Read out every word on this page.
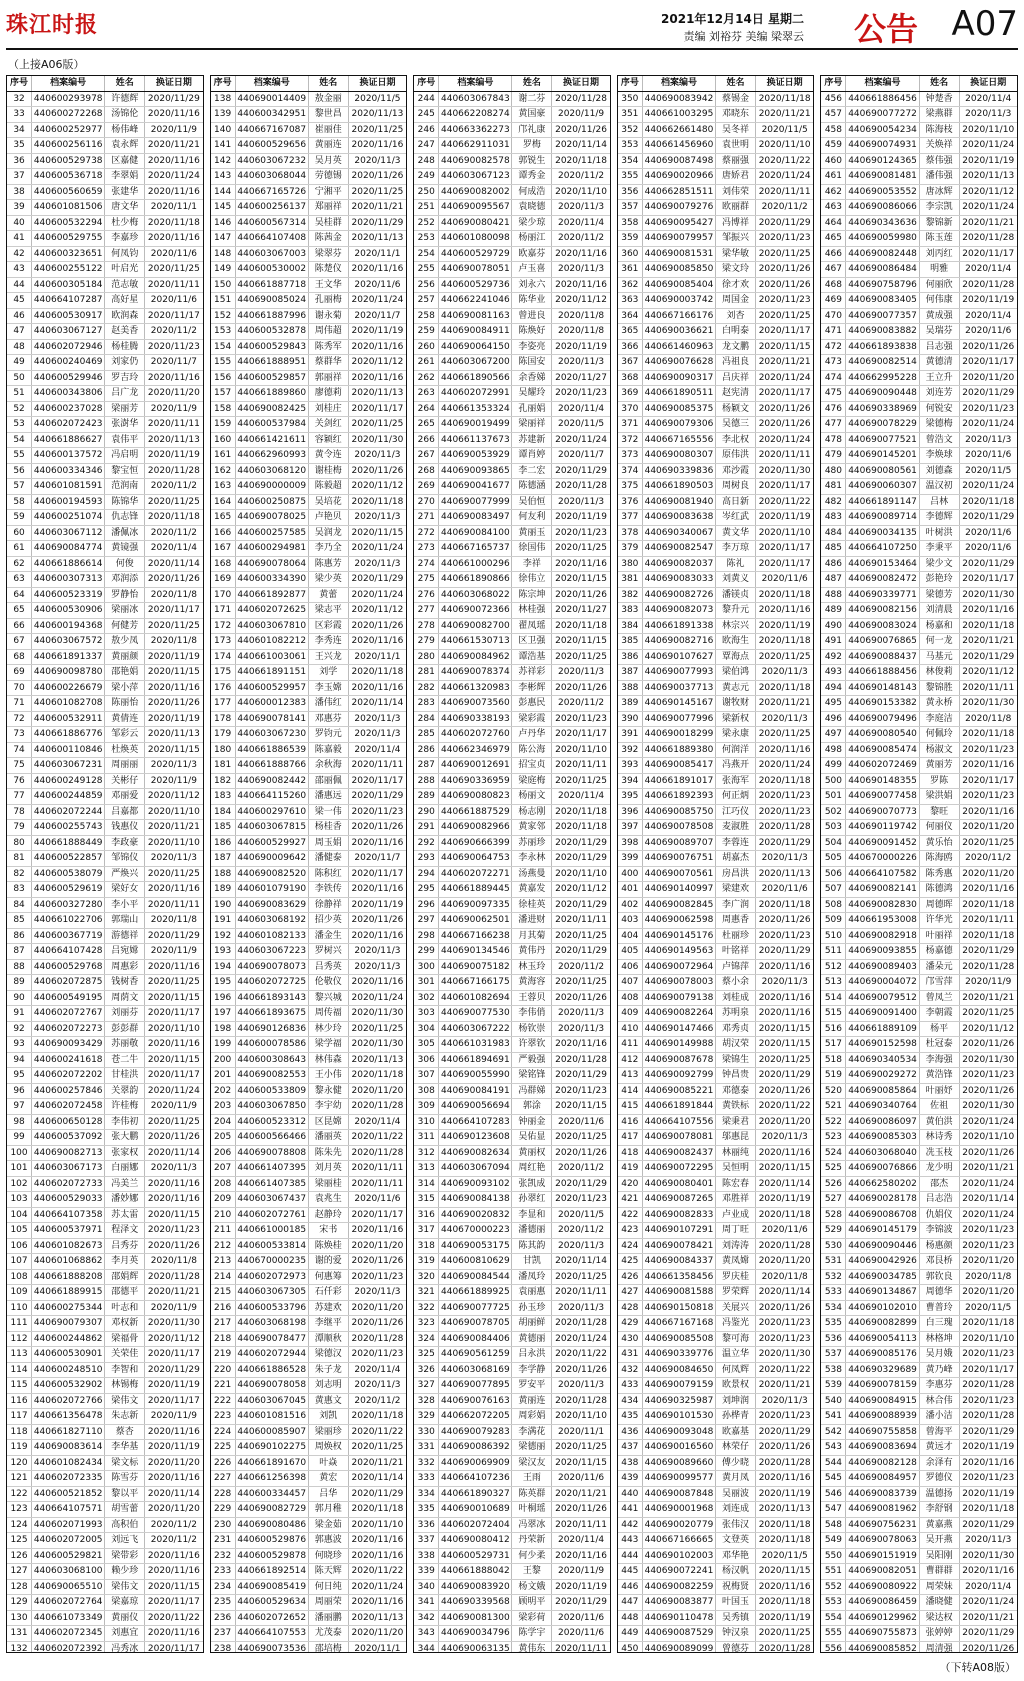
珠江时报	2021年12月14日 星期二
责编 刘裕芬 美编 梁翠云 公告 A07
（上接A06版）
序号	档案编号	姓名	换证日期
32	440600293978	许德辉	2020/11/29
33	440600272268	汤锦伦	2020/11/16
34	440600252977	杨伟峰	2020/11/9
35	440600256116	袁永辉	2020/11/21
36	440600529738	区嘉健	2020/11/16
37	440600536718	李翠娟	2020/11/24
38	440600560659	张建华	2020/11/16
39	440601081506	唐文华	2020/11/1
40	440600532294	杜少梅	2020/11/18
41	440600529755	李嘉珍	2020/11/16
42	440600323651	何凤钧	2020/11/6
43	440600255122	叶启光	2020/11/25
44	440600305184	范志敏	2020/11/11
45	440664107287	高好星	2020/11/6
46	440600530917	欧润森	2020/11/17
47	440603067127	赵美香	2020/11/2
48	440602072946	杨桂腾	2020/11/23
49	440600240469	刘家仍	2020/11/7
50	440600529946	罗吉玲	2020/11/16
51	440600343806	吕广龙	2020/11/20
52	440600237028	梁丽芳	2020/11/9
53	440602072423	张澍华	2020/11/11
54	440661886627	袁伟平	2020/11/13
55	440600137572	冯启明	2020/11/19
56	440600334346	黎宝恒	2020/11/28
57	440601081591	范润南	2020/11/2
58	440600194593	陈锦华	2020/11/25
59	440600251074	仇志锋	2020/11/18
60	440603067112	潘佩冰	2020/11/2
61	440690084774	黄镜强	2020/11/4
62	440661886614	何俊	2020/11/14
63	440600307313	邓润添	2020/11/26
64	440600523319	罗静怡	2020/11/8
65	440600530906	梁丽冰	2020/11/17
66	440600194368	何健芳	2020/11/25
67	440603067572	敖少凤	2020/11/8
68	440661891337	黄丽颜	2020/11/19
69	440690098780	邵艳娟	2020/11/15
70	440600226679	梁小萍	2020/11/16
71	440601082708	陈丽怡	2020/11/26
72	440600532911	黄倩连	2020/11/19
73	440661886776	邹彩云	2020/11/13
74	440600110846	杜焕英	2020/11/15
75	440603067231	周丽丽	2020/11/3
76	440600249128	关彬仔	2020/11/9
77	440600244859	邓丽爱	2020/11/12
78	440602072244	吕嘉都	2020/11/10
79	440600255743	钱惠仪	2020/11/21
80	440661888449	李政豪	2020/11/10
81	440600522857	邹锦仪	2020/11/3
82	440600538079	严焕兴	2020/11/25
83	440600529619	梁好女	2020/11/16
84	440600327280	李小平	2020/11/11
85	440661022706	郭瑞山	2020/11/8
86	440600367719	游德祥	2020/11/29
87	440664107428	吕宛嫦	2020/11/9
88	440600529768	周惠彩	2020/11/16
89	440602072875	钱树香	2020/11/25
90	440600549195	周荫文	2020/11/15
91	440602072767	刘丽芬	2020/11/17
92	440602072273	彭彭群	2020/11/10
93	440690093429	苏丽敬	2020/11/16
94	440600241618	苍二牛	2020/11/15
95	440602072202	甘桂洪	2020/11/17
96	440600257846	关翠韵	2020/11/24
97	440602072458	许桂梅	2020/11/9
98	440600650128	李伟初	2020/11/25
99	440600537092	张大鹏	2020/11/26
100	440690082713	张家权	2020/11/14
101	440603067173	白丽娜	2020/11/3
102	440602072733	冯美兰	2020/11/16
103	440600529033	潘妙娜	2020/11/16
104	440664107358	苏太雷	2020/11/15
105	440600537971	程泽文	2020/11/23
106	440601082673	吕秀芬	2020/11/26
107	440601068862	李月英	2020/11/8
108	440661888208	邵娟辉	2020/11/28
109	440661889915	邵德平	2020/11/21
110	440600275344	叶志和	2020/11/9
111	440690079307	邓权新	2020/11/30
112	440600244862	梁福骨	2020/11/12
113	440600530901	关荣佳	2020/11/17
114	440600248510	李智和	2020/11/29
115	440600532902	林锡梅	2020/11/19
116	440602072766	梁伟文	2020/11/17
117	440661356478	朱志新	2020/11/9
118	440661827110	蔡杏	2020/11/16
119	440690083614	李华基	2020/11/19
120	440601082434	梁文标	2020/11/20
121	440602072335	陈雪芬	2020/11/16
122	440600521852	黎以平	2020/11/14
123	440664107571	胡雪蕾	2020/11/20
124	440602071993	高积伯	2020/11/2
125	440602072005	刘远飞	2020/11/2
126	440600529821	梁带彩	2020/11/16
127	440603068100	赖少珍	2020/11/16
128	440690065510	梁伟文	2020/11/15
129	440602072764	梁嘉琼	2020/11/17
130	440661073349	黄丽仪	2020/11/22
131	440602072345	刘惠宜	2020/11/16
132	440602072392	冯秀冰	2020/11/17

序号	档案编号	姓名	换证日期
138	440690014409	敖金丽	2020/11/5
139	440600342951	黎世昌	2020/11/13
140	440667167087	崔丽佳	2020/11/25
141	440600529656	黄丽连	2020/11/16
142	440603067232	吴月英	2020/11/3
143	440603068044	劳德锡	2020/11/26
144	440667165726	宁湘平	2020/11/25
145	440600256137	郑丽祥	2020/11/21
146	440600567314	吴桂群	2020/11/29
147	440664107408	陈茜金	2020/11/13
148	440603067003	梁翠芬	2020/11/1
149	440600530002	陈楚仪	2020/11/16
150	440661887718	王文华	2020/11/6
151	440690085024	孔丽梅	2020/11/24
152	440661887996	谢永菊	2020/11/7
153	440600532878	周伟超	2020/11/19
154	440600529843	陈秀军	2020/11/16
155	440661888951	蔡群华	2020/11/12
156	440600529857	郭丽祥	2020/11/16
157	440661889860	廖德莉	2020/11/13
158	440690082425	刘桂庄	2020/11/17
159	440600537984	关剑红	2020/11/25
160	440661421611	容颖红	2020/11/30
161	440662960993	黄令连	2020/11/3
162	440603068120	谢桂梅	2020/11/26
163	440690000009	陈毅超	2020/11/12
164	440600250875	吴培花	2020/11/18
165	440690078025	卢艳贝	2020/11/3
166	440600257585	吴润龙	2020/11/15
167	440600294981	李乃全	2020/11/24
168	440690078064	陈惠芳	2020/11/3
169	440600334390	梁少英	2020/11/29
170	440661892877	黄蕾	2020/11/24
171	440602072625	梁志平	2020/11/12
172	440603067810	区彩霞	2020/11/26
173	440601082212	李秀连	2020/11/16
174	440661003061	王兴龙	2020/11/1
175	440661891151	刘学	2020/11/18
176	440600529957	李玉嫦	2020/11/16
177	440600012383	潘伟红	2020/11/14
178	440690078141	邓惠芬	2020/11/3
179	440603067230	罗钧元	2020/11/3
180	440661886539	陈嘉毅	2020/11/4
181	440661888766	余秋海	2020/11/11
182	440690082442	邵丽佩	2020/11/17
183	440664115260	潘惠远	2020/11/29
184	440600297610	梁一伟	2020/11/23
185	440603067815	杨桂香	2020/11/26
186	440600529927	周玉娟	2020/11/16
187	440690009642	潘健泰	2020/11/7
188	440690082520	陈积红	2020/11/17
189	440601079190	李铁传	2020/11/16
190	440690083629	徐静祥	2020/11/19
191	440603068192	招少英	2020/11/26
192	440601082133	潘金生	2020/11/16
193	440603067223	罗树兴	2020/11/3
194	440690078073	吕秀英	2020/11/3
195	440602072725	伦敬仪	2020/11/16
196	440661893143	黎兴城	2020/11/24
197	440661893675	周传福	2020/11/30
198	440690126836	林少玲	2020/11/25
199	440600078586	梁学福	2020/11/30
200	440600308643	林伟森	2020/11/13
201	440690082553	王小伟	2020/11/18
202	440600533809	黎永健	2020/11/20
203	440603067850	李宇幼	2020/11/28
204	440600523312	区昆嫦	2020/11/4
205	440600566466	潘丽英	2020/11/22
206	440690078808	陈朱先	2020/11/28
207	440661407395	刘月英	2020/11/11
208	440661407385	梁丽桂	2020/11/11
209	440603067437	袁兆生	2020/11/6
210	440602072761	赵静玲	2020/11/17
211	440661000185	宋书	2020/11/16
212	440600533814	陈焕桂	2020/11/20
213	440670000235	谢的爱	2020/11/26
214	440602072973	何惠筹	2020/11/23
215	440603067305	石仟彩	2020/11/3
216	440600533796	苏建欢	2020/11/20
217	440603068198	李继平	2020/11/26
218	440690078477	潭顺秋	2020/11/28
219	440602072944	梁德汉	2020/11/23
220	440661886528	朱子龙	2020/11/4
221	440690078058	刘志明	2020/11/3
222	440603067045	黄惠文	2020/11/2
223	440601081516	刘凯	2020/11/18
224	440600085907	梁丽珍	2020/11/22
225	440690102275	周焕权	2020/11/25
226	440661891670	叶焱	2020/11/21
227	440661256398	黄宏	2020/11/14
228	440600334457	吕华	2020/11/29
229	440690082729	郭月稚	2020/11/18
230	440690080486	梁金茹	2020/11/10
231	440600529876	郭惠波	2020/11/16
232	440600529878	何晓珍	2020/11/16
233	440661892514	陈天辉	2020/11/22
234	440690085419	何日纯	2020/11/24
235	440600529634	周丽荣	2020/11/16
236	440602072652	潘丽鹏	2020/11/13
237	440664107553	尤茂泰	2020/11/20
238	440690073536	邵培梅	2020/11/1

序号	档案编号	姓名	换证日期
244	440603067843	谢二芬	2020/11/28
245	440662208274	黄国豪	2020/11/9
246	440663362273	邝礼康	2020/11/26
247	440662911031	罗梅	2020/11/14
248	440690082578	郭锐生	2020/11/18
249	440603067123	谭秀金	2020/11/2
250	440690082002	何成浩	2020/11/10
251	440690095567	袁晓德	2020/11/3
252	440690080421	梁少琼	2020/11/4
253	440601080098	杨丽江	2020/11/2
254	440600529729	欧嘉芬	2020/11/16
255	440690078051	卢玉喜	2020/11/3
256	440600529736	刘永六	2020/11/16
257	440662241046	陈华业	2020/11/12
258	440690081163	曾进良	2020/11/8
259	440690084911	陈焕好	2020/11/8
260	440690064150	李姿亮	2020/11/19
261	440603067200	陈国安	2020/11/3
262	440661890566	余香娣	2020/11/27
263	440602072991	吴耀玲	2020/11/23
264	440661353324	孔丽娟	2020/11/4
265	440690019499	梁丽祥	2020/11/5
266	440661137673	苏建新	2020/11/24
267	440690053929	谭肖婷	2020/11/7
268	440690093865	李二宏	2020/11/29
269	440690041677	陈德涵	2020/11/28
270	440690077999	吴伯恒	2020/11/3
271	440690083497	何友利	2020/11/19
272	440690084100	黄丽玉	2020/11/23
273	440667165737	徐国伟	2020/11/25
274	440661000296	李祥	2020/11/16
275	440661890866	徐伟立	2020/11/15
276	440603068022	陈宗坤	2020/11/26
277	440690072366	林桂强	2020/11/27
278	440690082700	翟凤瑶	2020/11/18
279	440661530713	区卫强	2020/11/15
280	440690084962	谭浩基	2020/11/25
281	440690078374	苏祥彩	2020/11/3
282	440661320983	李彬辉	2020/11/26
283	440690073560	彭惠民	2020/11/2
284	440690338193	梁彩霞	2020/11/23
285	440602072760	卢丹华	2020/11/17
286	440662346979	陈公海	2020/11/10
287	440690012691	招宝贞	2020/11/11
288	440690336959	梁庭梅	2020/11/25
289	440690080823	杨丽文	2020/11/4
290	440661887529	杨志刚	2020/11/18
291	440690082966	黄家邻	2020/11/18
292	440690666399	苏丽珍	2020/11/29
293	440690064753	李永林	2020/11/29
294	440602072271	汤燕曼	2020/11/10
295	440661889445	黄嘉发	2020/11/12
296	440690097335	徐桂英	2020/11/29
297	440690062501	潘进财	2020/11/11
298	440667166238	月其菊	2020/11/25
299	440690134546	黄伟丹	2020/11/29
300	440690075182	林玉玲	2020/11/2
301	440667166175	黄海容	2020/11/25
302	440601082694	王蓉贝	2020/11/26
303	440690077530	李伟俏	2020/11/3
304	440603067222	杨钦崇	2020/11/3
305	440661031983	许翠钦	2020/11/16
306	440661894691	严毅强	2020/11/28
307	440690055990	梁铭锋	2020/11/29
308	440690084191	冯群娣	2020/11/23
309	440690056694	郭涂	2020/11/15
310	440664107283	钟丽金	2020/11/6
311	440690123608	吴佑显	2020/11/25
312	440690082634	黄丽权	2020/11/26
313	440603067094	周红艳	2020/11/2
314	440690093102	张凯成	2020/11/29
315	440690084138	孙翠红	2020/11/23
316	440690020832	李显和	2020/11/5
317	440670000223	潘德丽	2020/11/2
318	440690053175	陈其韵	2020/11/3
319	440600810629	甘凯	2020/11/14
320	440690084544	潘凤玲	2020/11/25
321	440661889925	袁丽惠	2020/11/11
322	440690077725	孙玉珍	2020/11/3
323	440690078705	胡丽鲜	2020/11/28
324	440690084406	黄德丽	2020/11/24
325	440690561259	吕永洪	2020/11/22
326	440603068169	李学静	2020/11/26
327	440690077895	罗安平	2020/11/3
328	440690076163	黄丽连	2020/11/28
329	440662072205	周彩娟	2020/11/10
330	440690079283	李满花	2020/11/1
331	440690086392	梁德丽	2020/11/25
332	440690069909	梁汉友	2020/11/15
333	440664107236	王雨	2020/11/6
334	440661890327	陈英群	2020/11/21
335	440690010689	叶桐瑶	2020/11/26
336	440602072404	冯翠冰	2020/11/11
337	440690080412	丹荣新	2020/11/4
338	440600529731	何少柔	2020/11/16
339	440661888042	王黎	2020/11/9
340	440690083920	杨文娥	2020/11/19
341	440690339568	顾明平	2020/11/29
342	440690081300	梁彩荷	2020/11/6
343	440690034796	陈学宇	2020/11/6
344	440690063135	黄伟东	2020/11/11

序号	档案编号	姓名	换证日期
350	440690083942	蔡锡金	2020/11/18
351	440661003295	邓晓东	2020/11/21
352	440662661480	吴冬祥	2020/11/5
353	440661456960	袁世明	2020/11/10
354	440690087498	蔡丽强	2020/11/22
355	440690020966	唐娇君	2020/11/24
356	440662851511	刘伟荣	2020/11/11
357	440690079276	欧丽群	2020/11/2
358	440690095427	冯博祥	2020/11/29
359	440690079957	邹振兴	2020/11/23
360	440690081531	梁华敏	2020/11/25
361	440690085850	梁文玲	2020/11/26
362	440690085404	徐才欢	2020/11/26
363	440690003742	周国金	2020/11/23
364	440667166176	刘杏	2020/11/25
365	440690036621	白明泰	2020/11/17
366	440661460963	龙文鹏	2020/11/15
367	440690076628	冯祖良	2020/11/21
368	440690090317	吕庆祥	2020/11/24
369	440661890511	赵宪清	2020/11/17
370	440690085375	杨颖文	2020/11/26
371	440690079306	吴德三	2020/11/26
372	440667165556	李北权	2020/11/24
373	440690080307	原伟洪	2020/11/11
374	440690339836	邓沙霞	2020/11/30
375	440661890503	周树良	2020/11/17
376	440690081940	高日新	2020/11/22
377	440690083638	岑红武	2020/11/19
378	440690340067	黄文华	2020/11/10
379	440690082547	李万琼	2020/11/17
380	440690082037	陈礼	2020/11/17
381	440690083033	刘黄义	2020/11/6
382	440690082726	潘镁贞	2020/11/18
383	440690082073	黎升元	2020/11/16
384	440661891338	林宗兴	2020/11/19
385	440690082716	欧海生	2020/11/18
386	440690107627	覃海点	2020/11/25
387	440690077993	梁伯鸿	2020/11/3
388	440690037713	黄志元	2020/11/18
389	440690145167	谢牧财	2020/11/21
390	440690077996	梁新权	2020/11/3
391	440690018299	梁永康	2020/11/25
392	440661889380	何润洋	2020/11/16
393	440690085417	冯燕开	2020/11/24
394	440661891017	张海军	2020/11/18
395	440661892393	何正炳	2020/11/23
396	440690085750	江巧仪	2020/11/23
397	440690078508	麦淑胜	2020/11/28
398	440690089707	李蓉连	2020/11/29
399	440690076751	胡嘉杰	2020/11/3
400	440690070561	房昌洪	2020/11/13
401	440690140997	梁建欢	2020/11/6
402	440690082845	李广润	2020/11/18
403	440690062598	周惠香	2020/11/26
404	440690145176	杜丽珍	2020/11/23
405	440690149563	叶铭祥	2020/11/29
406	440690072964	卢锦萍	2020/11/16
407	440690078003	蔡小余	2020/11/3
408	440690079138	刘桂成	2020/11/16
409	440690082264	苏明泉	2020/11/16
410	440690147466	邓秀贞	2020/11/15
411	440690149988	胡汉荣	2020/11/15
412	440690087678	梁锦生	2020/11/25
413	440690092799	钟昌贵	2020/11/29
414	440690085221	邓德泰	2020/11/26
415	440661891844	黄铁标	2020/11/22
416	440664107556	梁秉君	2020/11/20
417	440690078081	邬惠昆	2020/11/3
418	440690082437	林丽纯	2020/11/16
419	440690072295	吴恒明	2020/11/15
420	440690080401	陈宏春	2020/11/14
421	440690087265	邓胜祥	2020/11/19
422	440690082833	卢业成	2020/11/18
423	440690107291	周丁旺	2020/11/6
424	440690078421	刘涛涛	2020/11/28
425	440690084337	黄凤嫦	2020/11/20
426	440661358456	罗庆桂	2020/11/8
427	440690081588	罗荣辉	2020/11/14
428	440690150818	关展兴	2020/11/26
429	440667167168	冯鉴光	2020/11/23
430	440690085508	黎可海	2020/11/23
431	440690339776	温立华	2020/11/30
432	440690084650	何凤辉	2020/11/22
433	440690079159	欧景权	2020/11/21
434	440690325987	刘坤润	2020/11/3
435	440690101530	孙桦青	2020/11/23
436	440690093048	欧嘉基	2020/11/29
437	440690016560	林荣仔	2020/11/26
438	440690089660	傅少晓	2020/11/28
439	440690099577	黄月凤	2020/11/16
440	440690087848	吴丽波	2020/11/19
441	440690001968	刘连成	2020/11/13
442	440690020779	张伟汉	2020/11/18
443	440667166665	文登英	2020/11/18
444	440690102003	邓华艳	2020/11/5
445	440690072241	杨汉帆	2020/11/15
446	440690082259	祝梅贤	2020/11/16
447	440690083877	叶国玉	2020/11/18
448	440690110478	吴秀镇	2020/11/19
449	440690087529	钟汉泉	2020/11/25
450	440690089099	曾德芬	2020/11/28

序号	档案编号	姓名	换证日期
456	440661886456	钟楚香	2020/11/4
457	440690077272	梁燕群	2020/11/3
458	440690054234	陈海枝	2020/11/10
459	440690074931	关焕祥	2020/11/24
460	440690124365	蔡伟强	2020/11/19
461	440690081481	潘伟强	2020/11/13
462	440690053552	唐冰辉	2020/11/12
463	440690086066	李宗凯	2020/11/24
464	440690343636	黎锦新	2020/11/21
465	440690059980	陈玉莲	2020/11/28
466	440690082448	刘丙红	2020/11/17
467	440690086484	明雅	2020/11/4
468	440690758796	何丽欣	2020/11/28
469	440690083405	何伟康	2020/11/19
470	440690077357	黄成强	2020/11/4
471	440690083882	吴瑞芬	2020/11/6
472	440661893838	吕志强	2020/11/26
473	440690082514	黄德清	2020/11/17
474	440662995228	王立升	2020/11/20
475	440690090448	刘连芳	2020/11/29
476	440690338969	何锐安	2020/11/23
477	440690078229	梁德梅	2020/11/24
478	440690077521	曾浩文	2020/11/3
479	440690145201	李焕球	2020/11/6
480	440690080561	刘德森	2020/11/5
481	440690060307	温汉初	2020/11/24
482	440661891147	吕林	2020/11/18
483	440690089714	李德辉	2020/11/29
484	440690034135	叶树洪	2020/11/6
485	440664107250	李秉平	2020/11/6
486	440690153464	梁少文	2020/11/29
487	440690082472	彭艳玲	2020/11/17
488	440690339771	梁德芳	2020/11/30
489	440690082156	刘清晨	2020/11/16
490	440690083024	杨嘉和	2020/11/18
491	440690076865	何一龙	2020/11/21
492	440690088437	马基元	2020/11/29
493	440661888456	林俊莉	2020/11/12
494	440690148143	黎锦胜	2020/11/11
495	440690153382	黄永桥	2020/11/30
496	440690079496	李庭洁	2020/11/8
497	440690080540	何佩玲	2020/11/18
498	440690085474	杨淑文	2020/11/23
499	440602072469	黄丽芳	2020/11/16
500	440690148355	罗陈	2020/11/17
501	440690077458	梁洪娟	2020/11/23
502	440690070773	黎旺	2020/11/16
503	440690119742	何丽仪	2020/11/20
504	440690091452	黄乐怡	2020/11/25
505	440670000226	陈海鸥	2020/11/2
506	440664107582	陈秀惠	2020/11/20
507	440690082141	陈德鸿	2020/11/16
508	440690082830	周德晖	2020/11/18
509	440661953008	许华光	2020/11/11
510	440690082918	叶丽祥	2020/11/18
511	440690093855	杨嘉德	2020/11/29
512	440690089403	潘朵元	2020/11/28
513	440690004072	邝雪萍	2020/11/9
514	440690079512	曾凤兰	2020/11/21
515	440690091400	李朝霞	2020/11/25
516	440661889109	杨平	2020/11/12
517	440690152598	杜冠泰	2020/11/26
518	440690340534	李海强	2020/11/30
519	440690029272	黄浩锋	2020/11/23
520	440690085864	叶丽妤	2020/11/26
521	440690340764	佐祖	2020/11/30
522	440690086097	黄伯洪	2020/11/24
523	440690085303	林诗秀	2020/11/10
524	440603068040	冼玉枝	2020/11/26
525	440690076866	龙少明	2020/11/21
526	440662580202	邵杰	2020/11/24
527	440690028178	吕志浩	2020/11/14
528	440690086708	仇娟仪	2020/11/24
529	440690145179	李锦波	2020/11/23
530	440690090446	杨惠颜	2020/11/23
531	440690042926	邓艮桥	2020/11/20
532	440690034785	郭钦良	2020/11/8
533	440690134867	周德华	2020/11/20
534	440690102010	曹普玲	2020/11/5
535	440690082899	白三瑰	2020/11/18
536	440690054113	林格坤	2020/11/10
537	440690085176	吴月娥	2020/11/23
538	440690329689	黄乃峰	2020/11/17
539	440690078159	李惠芬	2020/11/28
540	440690084915	林合伟	2020/11/23
541	440690088939	潘小洁	2020/11/28
542	440690755858	曾海平	2020/11/29
543	440690083694	黄远才	2020/11/19
544	440690082128	余泽有	2020/11/16
545	440690084957	罗德仪	2020/11/23
546	440690083739	温德扬	2020/11/19
547	440690081962	李舒钢	2020/11/18
548	440690756231	黄嘉燕	2020/11/29
549	440690078063	吴开燕	2020/11/3
550	440690151919	吴阳刚	2020/11/30
551	440690082051	曹群群	2020/11/16
552	440690080922	周荣妹	2020/11/4
553	440690086459	潘晓健	2020/11/24
554	440690129962	梁达权	2020/11/21
555	440690755873	张婷婷	2020/11/29
556	440690085852	周清强	2020/11/26

（下转A08版）
